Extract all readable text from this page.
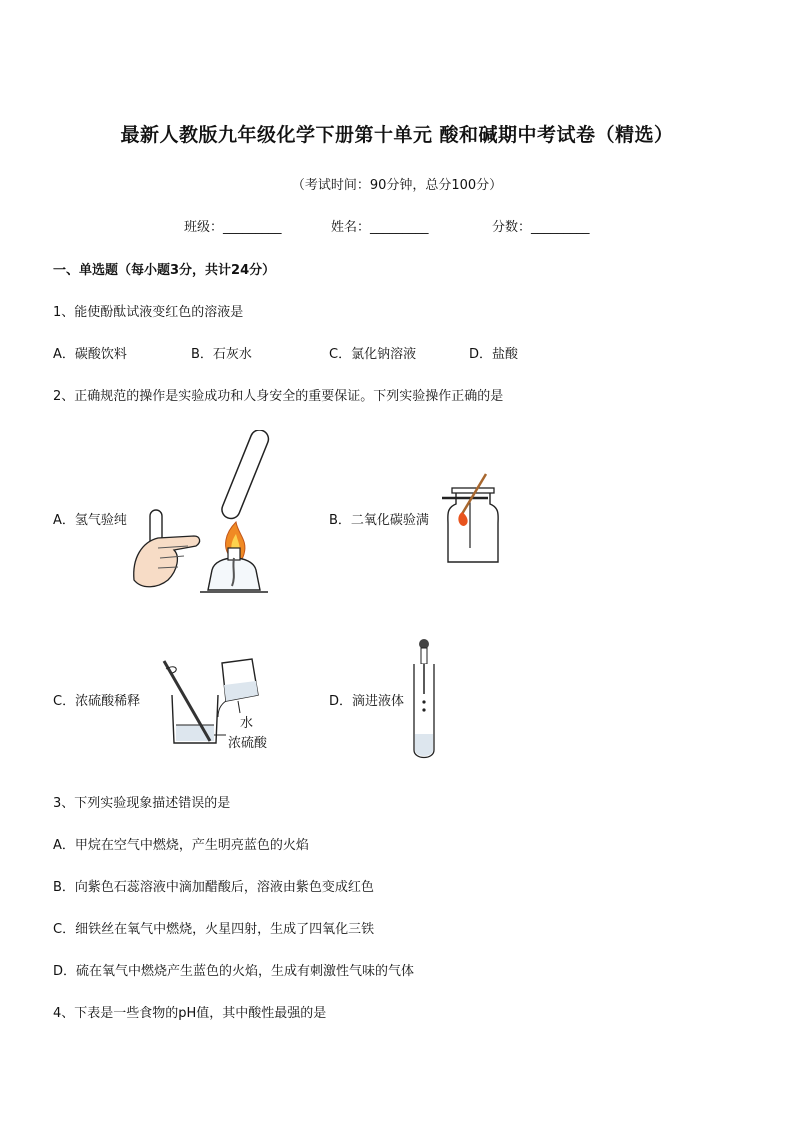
最新人教版九年级化学下册第十单元 酸和碱期中考试卷（精选）
（考试时间：90分钟，总分100分）
班级：_________	姓名：_________	分数：_________
一、单选题（每小题3分，共计24分）
1、能使酚酞试液变红色的溶液是
A．碳酸饮料	B．石灰水	C．氯化钠溶液	D．盐酸
2、正确规范的操作是实验成功和人身安全的重要保证。下列实验操作正确的是
A．氢气验纯	B．二氧化碳验满
C．浓硫酸稀释	D．滴进液体
水
浓硫酸
3、下列实验现象描述错误的是
A．甲烷在空气中燃烧，产生明亮蓝色的火焰
B．向紫色石蕊溶液中滴加醋酸后，溶液由紫色变成红色
C．细铁丝在氧气中燃烧，火星四射，生成了四氧化三铁
D．硫在氧气中燃烧产生蓝色的火焰，生成有刺激性气味的气体
4、下表是一些食物的pH值，其中酸性最强的是
